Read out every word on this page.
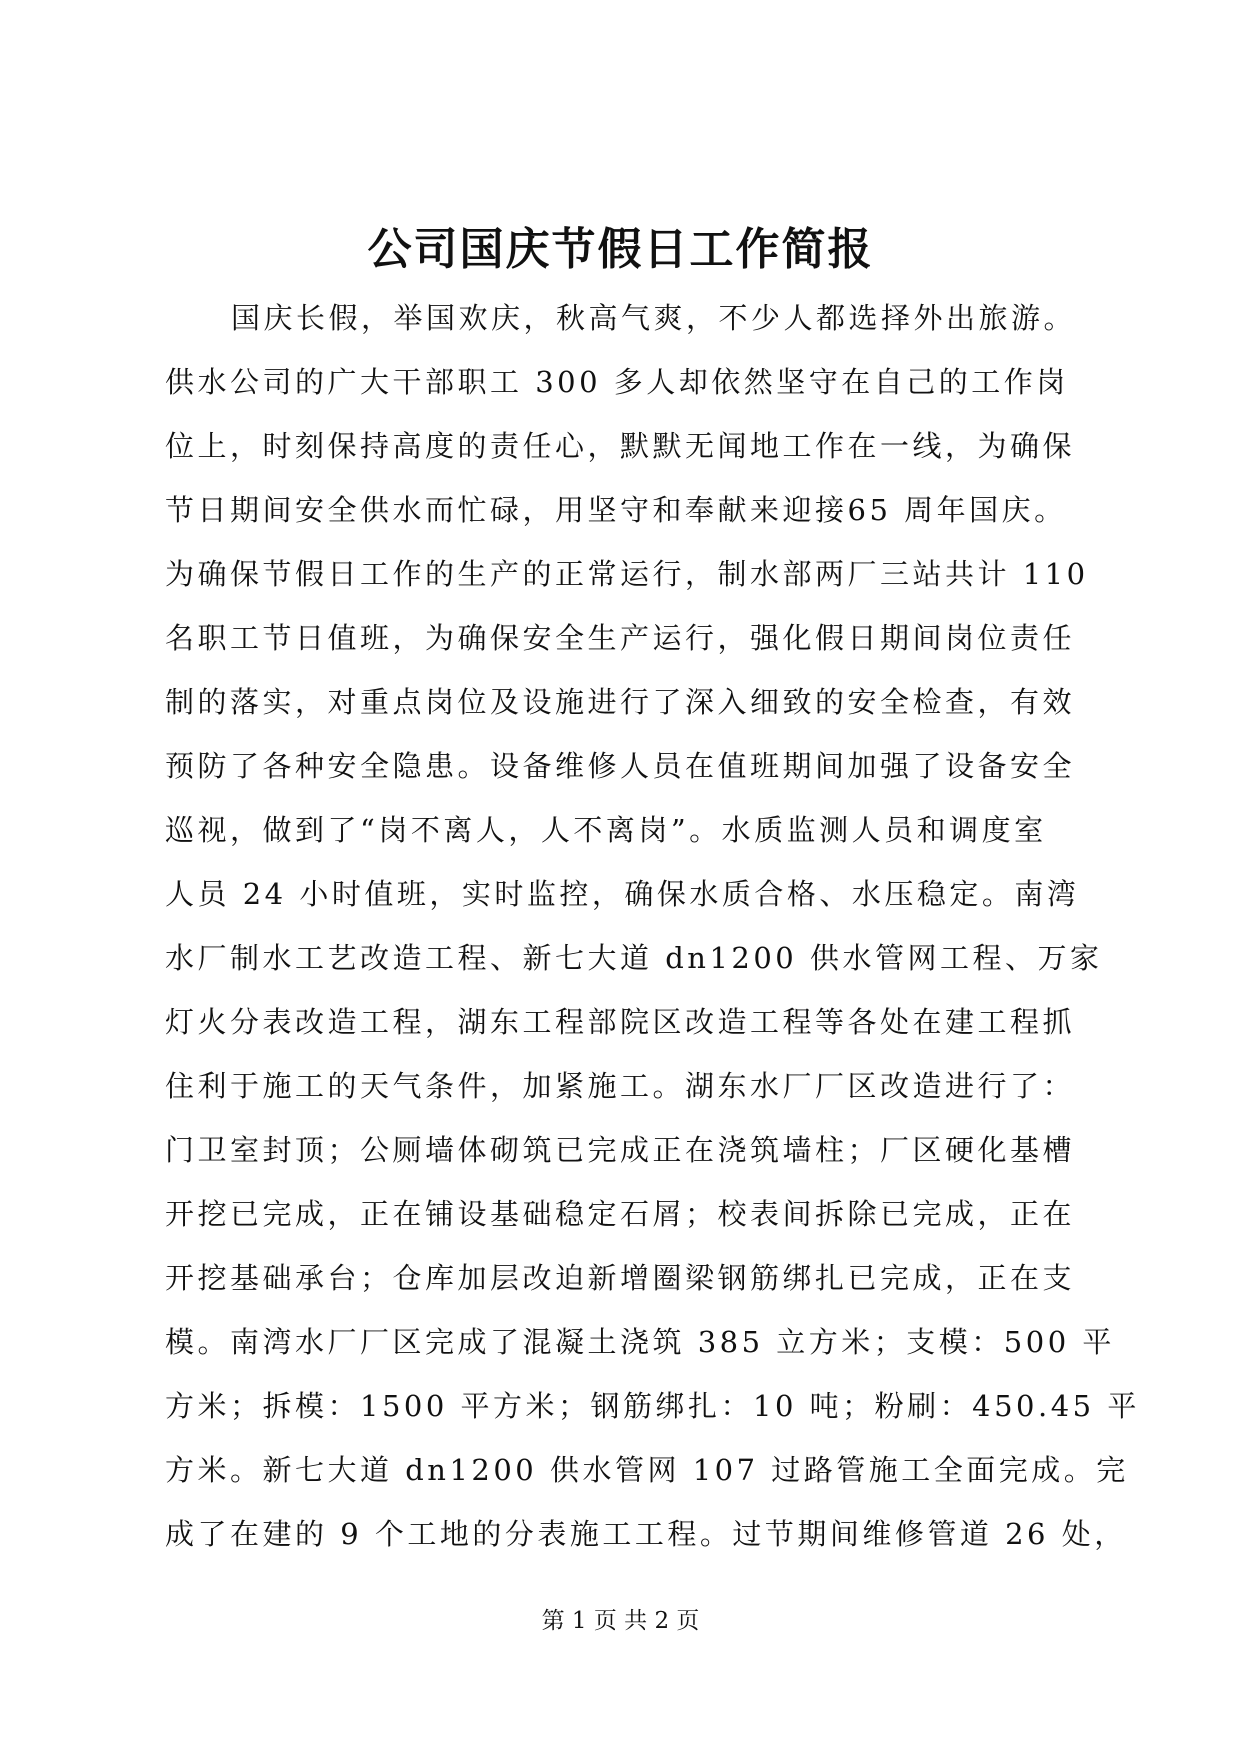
公司国庆节假日工作简报
国庆长假，举国欢庆，秋高气爽，不少人都选择外出旅游。
供水公司的广大干部职工 300 多人却依然坚守在自己的工作岗
位上，时刻保持高度的责任心，默默无闻地工作在一线，为确保
节日期间安全供水而忙碌，用坚守和奉献来迎接65 周年国庆。
为确保节假日工作的生产的正常运行，制水部两厂三站共计 110
名职工节日值班，为确保安全生产运行，强化假日期间岗位责任
制的落实，对重点岗位及设施进行了深入细致的安全检查，有效
预防了各种安全隐患。设备维修人员在值班期间加强了设备安全
巡视，做到了“岗不离人，人不离岗”。水质监测人员和调度室
人员 24 小时值班，实时监控，确保水质合格、水压稳定。南湾
水厂制水工艺改造工程、新七大道 dn1200 供水管网工程、万家
灯火分表改造工程，湖东工程部院区改造工程等各处在建工程抓
住利于施工的天气条件，加紧施工。湖东水厂厂区改造进行了：
门卫室封顶；公厕墙体砌筑已完成正在浇筑墙柱；厂区硬化基槽
开挖已完成，正在铺设基础稳定石屑；校表间拆除已完成，正在
开挖基础承台；仓库加层改迫新增圈梁钢筋绑扎已完成，正在支
模。南湾水厂厂区完成了混凝土浇筑 385 立方米；支模：500 平
方米；拆模：1500 平方米；钢筋绑扎：10 吨；粉刷：450.45 平
方米。新七大道 dn1200 供水管网 107 过路管施工全面完成。完
成了在建的 9 个工地的分表施工工程。过节期间维修管道 26 处，
第 1 页 共 2 页
